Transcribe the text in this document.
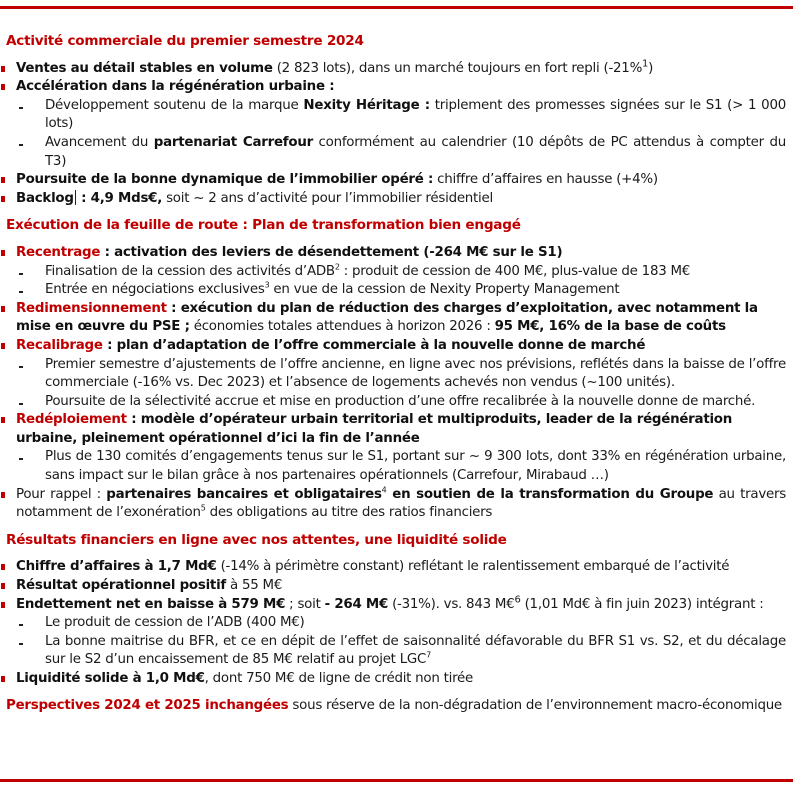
Activité commerciale du premier semestre 2024

Ventes au détail stables en volume (2 823 lots), dans un marché toujours en fort repli (-21%$^1$)

Accélération dans la régénération urbaine :

Développement soutenu de la marque Nexity Héritage : triplement des promesses signées sur le S1 (> 1 000 lots)

Avancement du partenariat Carrefour conformément au calendrier (10 dépôts de PC attendus à compter du T3)

Poursuite de la bonne dynamique de l’immobilier opéré : chiffre d’affaires en hausse (+4%)

Backlog : 4,9 Mds€, soit ~ 2 ans d’activité pour l’immobilier résidentiel

Exécution de la feuille de route : Plan de transformation bien engagé

Recentrage : activation des leviers de désendettement (-264 M€ sur le S1)

Finalisation de la cession des activités d’ADB$^2$ : produit de cession de 400 M€, plus-value de 183 M€

Entrée en négociations exclusives$^3$ en vue de la cession de Nexity Property Management

Redimensionnement : exécution du plan de réduction des charges d’exploitation, avec notamment la mise en œuvre du PSE ; économies totales attendues à horizon 2026 : 95 M€, 16% de la base de coûts

Recalibrage : plan d’adaptation de l’offre commerciale à la nouvelle donne de marché

Premier semestre d’ajustements de l’offre ancienne, en ligne avec nos prévisions, reflétés dans la baisse de l’offre commerciale (-16% vs. Dec 2023) et l’absence de logements achevés non vendus (~100 unités).

Poursuite de la sélectivité accrue et mise en production d’une offre recalibrée à la nouvelle donne de marché.

Redéploiement : modèle d’opérateur urbain territorial et multiproduits, leader de la régénération urbaine, pleinement opérationnel d’ici la fin de l’année

Plus de 130 comités d’engagements tenus sur le S1, portant sur ~ 9 300 lots, dont 33% en régénération urbaine, sans impact sur le bilan grâce à nos partenaires opérationnels (Carrefour, Mirabaud …)

Pour rappel : partenaires bancaires et obligataires$^4$ en soutien de la transformation du Groupe au travers notamment de l’exonération$^5$ des obligations au titre des ratios financiers

Résultats financiers en ligne avec nos attentes, une liquidité solide

Chiffre d’affaires à 1,7 Md€ (-14% à périmètre constant) reflétant le ralentissement embarqué de l’activité

Résultat opérationnel positif à 55 M€

Endettement net en baisse à 579 M€ ; soit - 264 M€ (-31%). vs. 843 M€$^6$ (1,01 Md€ à fin juin 2023) intégrant :

Le produit de cession de l’ADB (400 M€)

La bonne maitrise du BFR, et ce en dépit de l’effet de saisonnalité défavorable du BFR S1 vs. S2, et du décalage sur le S2 d’un encaissement de 85 M€ relatif au projet LGC$^7$

Liquidité solide à 1,0 Md€, dont 750 M€ de ligne de crédit non tirée

Perspectives 2024 et 2025 inchangées sous réserve de la non-dégradation de l’environnement macro-économique
